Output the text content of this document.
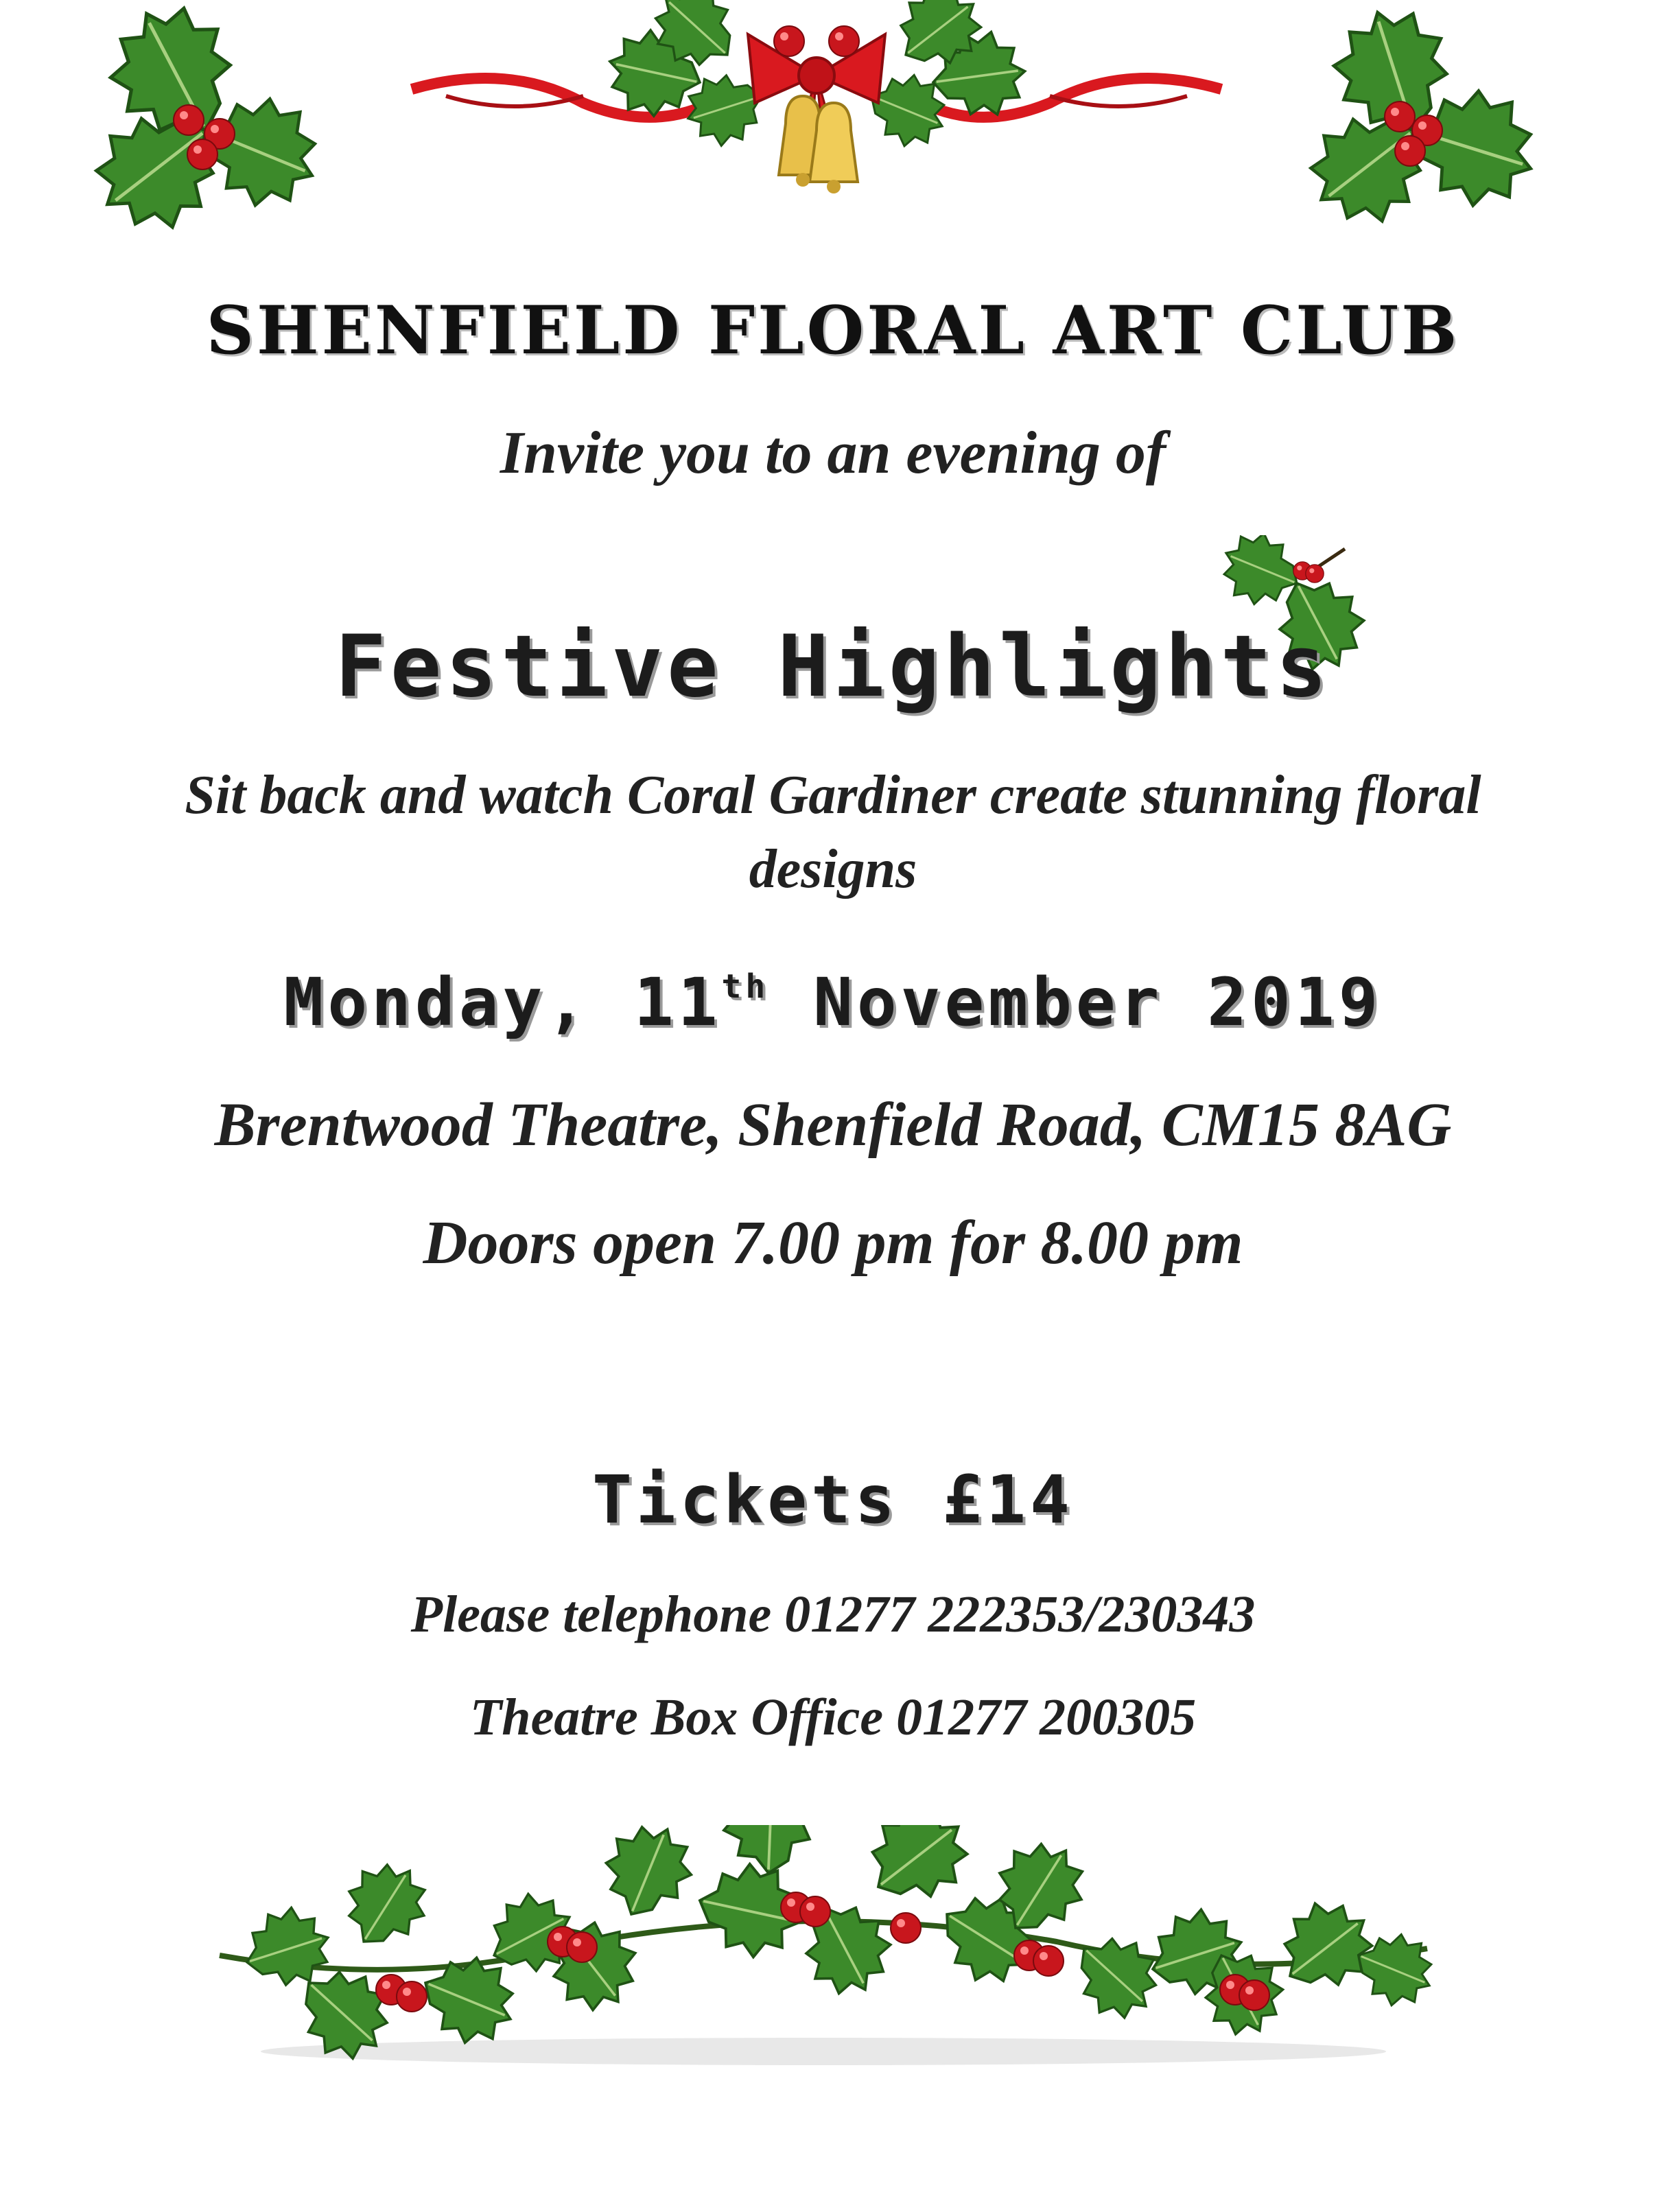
SHENFIELD FLORAL ART CLUB

Invite you to an evening of

Festive Highlights

Sit back and watch Coral Gardiner create stunning floral
designs

Monday, 11th November 2019

Brentwood Theatre, Shenfield Road, CM15 8AG

Doors open 7.00 pm for 8.00 pm

Tickets £14

Please telephone 01277 222353/230343

Theatre Box Office 01277 200305
